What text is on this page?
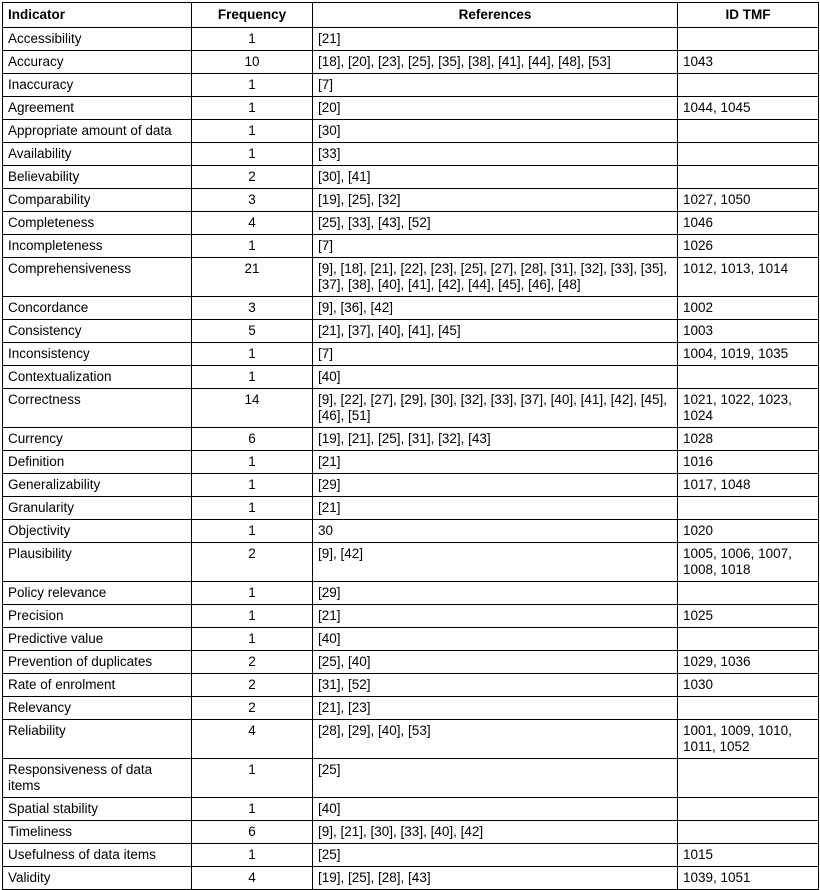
Indicator	Frequency	References	ID TMF
Accessibility	1	[21]	
Accuracy	10	[18], [20], [23], [25], [35], [38], [41], [44], [48], [53]	1043
Inaccuracy	1	[7]	
Agreement	1	[20]	1044, 1045
Appropriate amount of data	1	[30]	
Availability	1	[33]	
Believability	2	[30], [41]	
Comparability	3	[19], [25], [32]	1027, 1050
Completeness	4	[25], [33], [43], [52]	1046
Incompleteness	1	[7]	1026
Comprehensiveness	21	[9], [18], [21], [22], [23], [25], [27], [28], [31], [32], [33], [35], [37], [38], [40], [41], [42], [44], [45], [46], [48]	1012, 1013, 1014
Concordance	3	[9], [36], [42]	1002
Consistency	5	[21], [37], [40], [41], [45]	1003
Inconsistency	1	[7]	1004, 1019, 1035
Contextualization	1	[40]	
Correctness	14	[9], [22], [27], [29], [30], [32], [33], [37], [40], [41], [42], [45], [46], [51]	1021, 1022, 1023, 1024
Currency	6	[19], [21], [25], [31], [32], [43]	1028
Definition	1	[21]	1016
Generalizability	1	[29]	1017, 1048
Granularity	1	[21]	
Objectivity	1	30	1020
Plausibility	2	[9], [42]	1005, 1006, 1007, 1008, 1018
Policy relevance	1	[29]	
Precision	1	[21]	1025
Predictive value	1	[40]	
Prevention of duplicates	2	[25], [40]	1029, 1036
Rate of enrolment	2	[31], [52]	1030
Relevancy	2	[21], [23]	
Reliability	4	[28], [29], [40], [53]	1001, 1009, 1010, 1011, 1052
Responsiveness of data items	1	[25]	
Spatial stability	1	[40]	
Timeliness	6	[9], [21], [30], [33], [40], [42]	
Usefulness of data items	1	[25]	1015
Validity	4	[19], [25], [28], [43]	1039, 1051
